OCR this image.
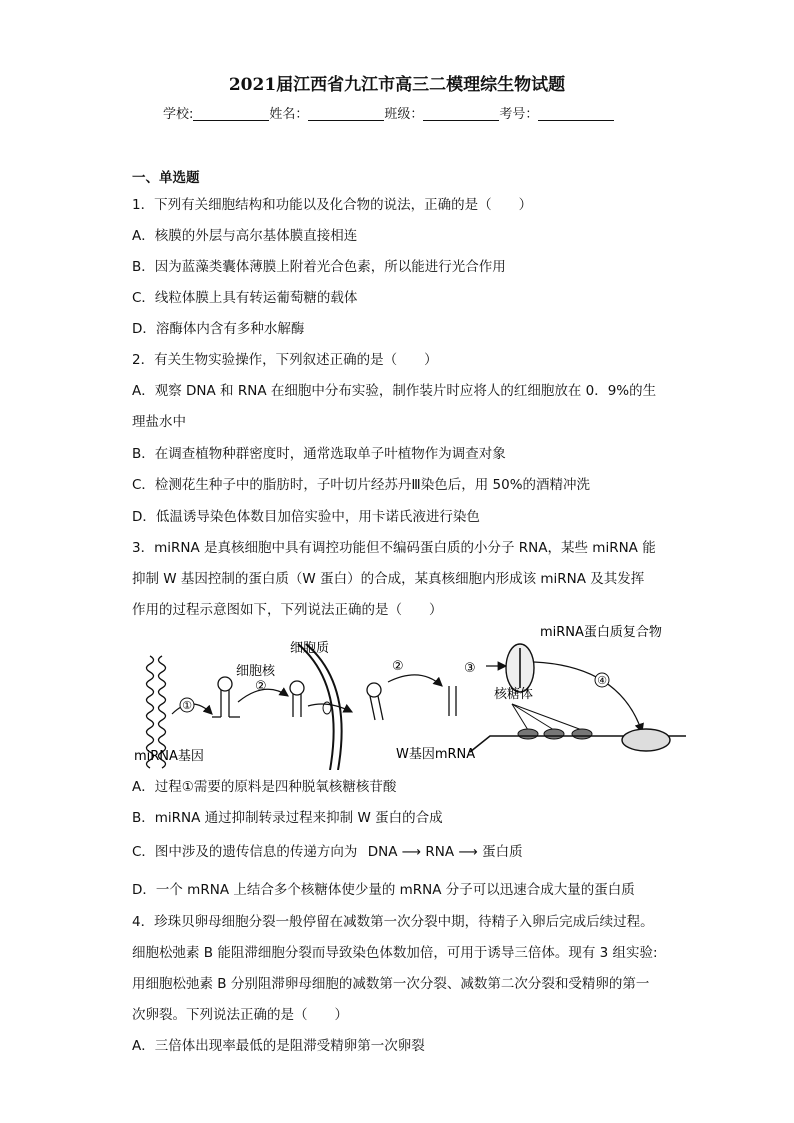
2021届江西省九江市高三二模理综生物试题
学校:	姓名：	班级：	考号：
一、单选题
1．下列有关细胞结构和功能以及化合物的说法，正确的是（　　）
A．核膜的外层与高尔基体膜直接相连
B．因为蓝藻类囊体薄膜上附着光合色素，所以能进行光合作用
C．线粒体膜上具有转运葡萄糖的载体
D．溶酶体内含有多种水解酶
2．有关生物实验操作，下列叙述正确的是（　　）
A．观察 DNA 和 RNA 在细胞中分布实验，制作装片时应将人的红细胞放在 0．9%的生
理盐水中
B．在调查植物种群密度时，通常选取单子叶植物作为调查对象
C．检测花生种子中的脂肪时，子叶切片经苏丹Ⅲ染色后，用 50%的酒精冲洗
D．低温诱导染色体数目加倍实验中，用卡诺氏液进行染色
3．miRNA 是真核细胞中具有调控功能但不编码蛋白质的小分子 RNA，某些 miRNA 能
抑制 W 基因控制的蛋白质（W 蛋白）的合成，某真核细胞内形成该 miRNA 及其发挥
作用的过程示意图如下，下列说法正确的是（　　）
miRNA基因
①
细胞核
②
细胞质
②	③
miRNA蛋白质复合物
④
核糖体
W基因mRNA
A．过程①需要的原料是四种脱氧核糖核苷酸
B．miRNA 通过抑制转录过程来抑制 W 蛋白的合成
C．图中涉及的遗传信息的传递方向为 DNA ⟶ RNA ⟶ 蛋白质
D．一个 mRNA 上结合多个核糖体使少量的 mRNA 分子可以迅速合成大量的蛋白质
4．珍珠贝卵母细胞分裂一般停留在减数第一次分裂中期，待精子入卵后完成后续过程。
细胞松弛素 B 能阻滞细胞分裂而导致染色体数加倍，可用于诱导三倍体。现有 3 组实验:
用细胞松弛素 B 分别阻滞卵母细胞的减数第一次分裂、减数第二次分裂和受精卵的第一
次卵裂。下列说法正确的是（　　）
A．三倍体出现率最低的是阻滞受精卵第一次卵裂
